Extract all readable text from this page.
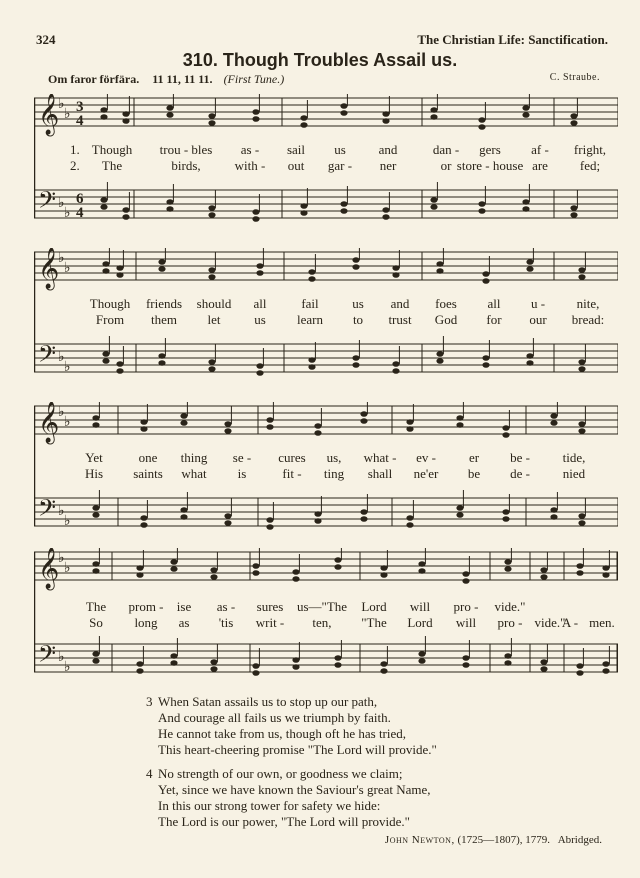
324	The Christian Life: Sanctification.
310. Though Troubles Assail us.
Om faror förfära. 11 11, 11 11. (First Tune.)	C. Straube.
𝄞
𝄢
♭
♭
♭
♭
3
4
6
4
1. Though trou - bles as - sail us	and	dan - gers af - fright,
2. The	birds,	with - out gar - ner	or store - house are fed;
𝄞
𝄢
♭
♭
♭
♭
Though friends should all	fail	us and foes all u - nite,
From them let	us learn to trust God for our bread:
𝄞
𝄢
♭
♭
♭
♭
Yet	one thing se - cures us, what - ev -	er be -	tide,
His saints what is	fit - ting shall ne'er be de -	nied
𝄞
𝄢
♭
♭
♭
♭
The prom - ise as - sures us—"The Lord will pro - vide."
So long as 'tis writ - ten, "The Lord will pro - vide."
A - men.
3 When Satan assails us to stop up our path,
And courage all fails us we triumph by faith.
He cannot take from us, though oft he has tried,
This heart-cheering promise "The Lord will provide."
4 No strength of our own, or goodness we claim;
Yet, since we have known the Saviour's great Name,
In this our strong tower for safety we hide:
The Lord is our power, "The Lord will provide."
John Newton, (1725—1807), 1779. Abridged.
